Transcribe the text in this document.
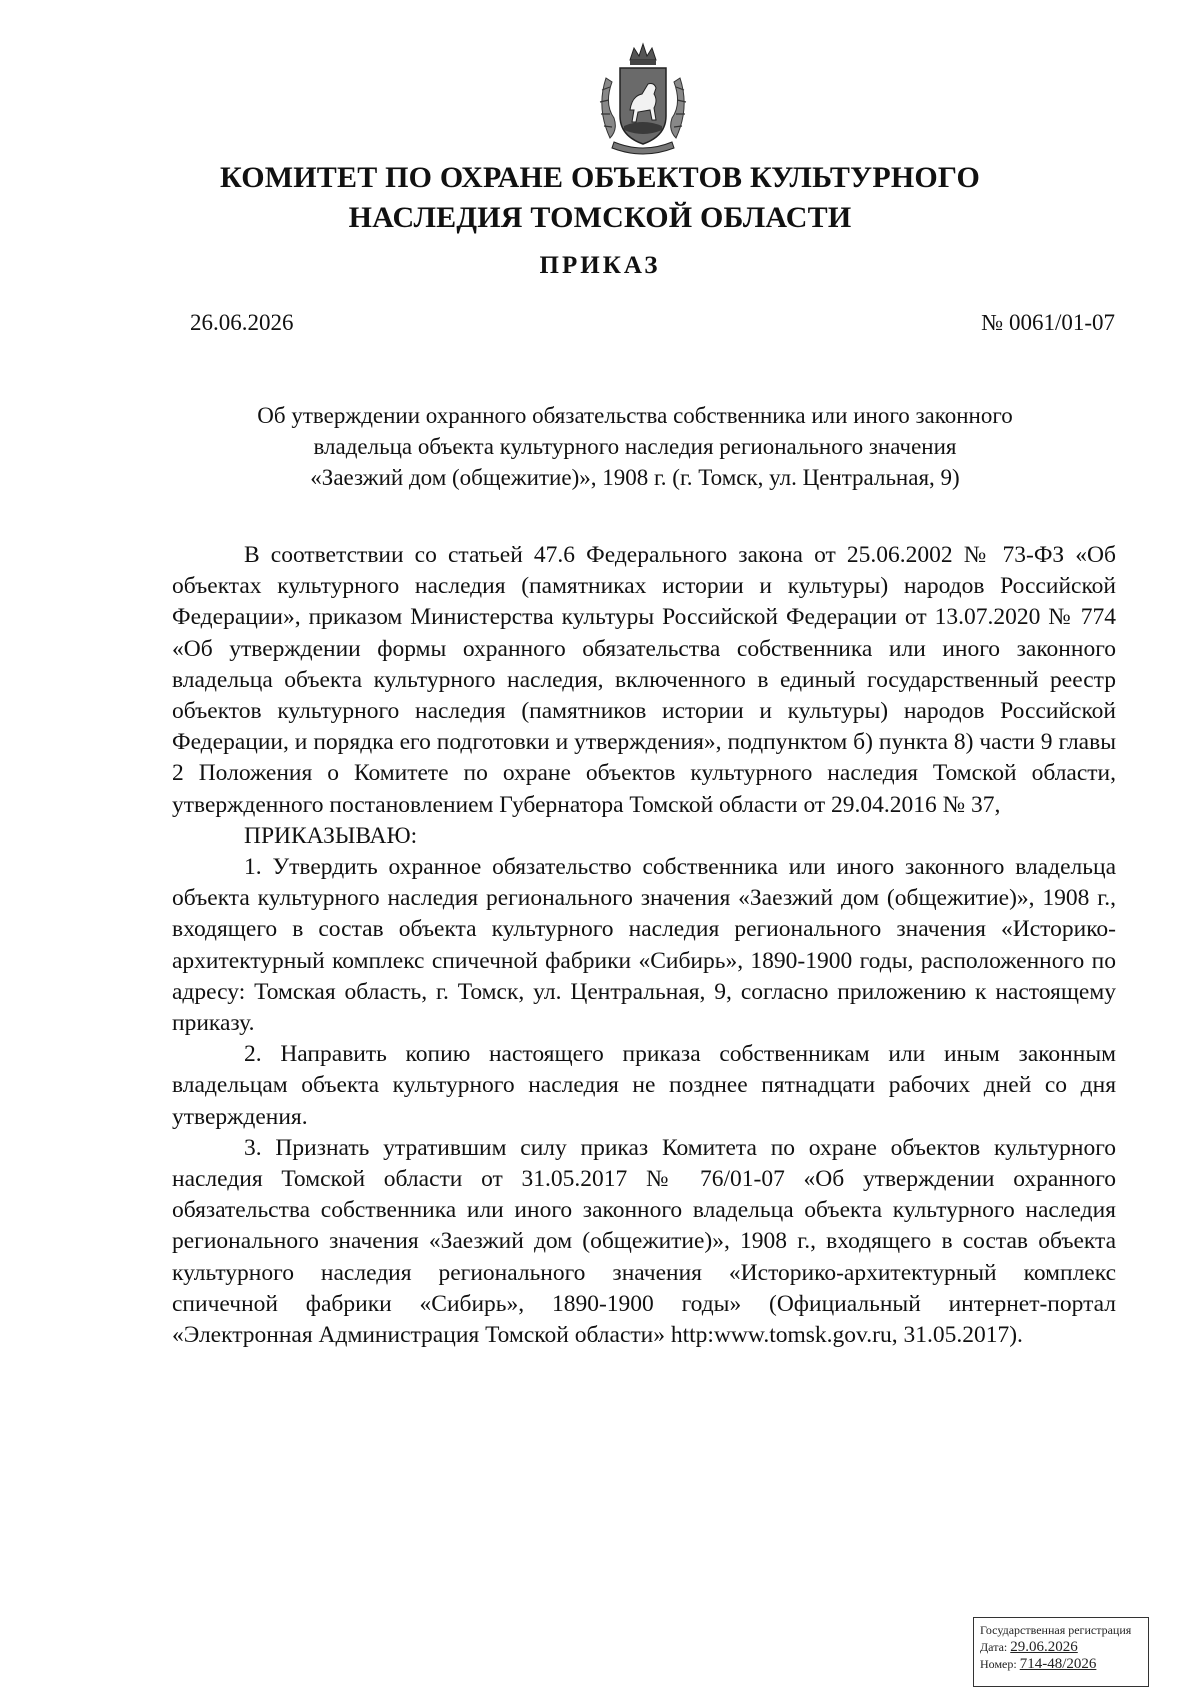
КОМИТЕТ ПО ОХРАНЕ ОБЪЕКТОВ КУЛЬТУРНОГО
НАСЛЕДИЯ ТОМСКОЙ ОБЛАСТИ
ПРИКАЗ
26.06.2026	№ 0061/01-07
Об утверждении охранного обязательства собственника или иного законного
владельца объекта культурного наследия регионального значения
«Заезжий дом (общежитие)», 1908 г. (г. Томск, ул. Центральная, 9)

В соответствии со статьей 47.6 Федерального закона от 25.06.2002 № 73-ФЗ «Об объектах культурного наследия (памятниках истории и культуры) народов Российской Федерации», приказом Министерства культуры Российской Федерации от 13.07.2020 № 774 «Об утверждении формы охранного обязательства собственника или иного законного владельца объекта культурного наследия, включенного в единый государственный реестр объектов культурного наследия (памятников истории и культуры) народов Российской Федерации, и порядка его подготовки и утверждения», подпунктом б) пункта 8) части 9 главы 2 Положения о Комитете по охране объектов культурного наследия Томской области, утвержденного постановлением Губернатора Томской области от 29.04.2016 № 37,

ПРИКАЗЫВАЮ:

1. Утвердить охранное обязательство собственника или иного законного владельца объекта культурного наследия регионального значения «Заезжий дом (общежитие)», 1908 г., входящего в состав объекта культурного наследия регионального значения «Историко-архитектурный комплекс спичечной фабрики «Сибирь», 1890-1900 годы, расположенного по адресу: Томская область, г. Томск, ул. Центральная, 9, согласно приложению к настоящему приказу.

2. Направить копию настоящего приказа собственникам или иным законным владельцам объекта культурного наследия не позднее пятнадцати рабочих дней со дня утверждения.

3. Признать утратившим силу приказ Комитета по охране объектов культурного наследия Томской области от 31.05.2017 № 76/01-07 «Об утверждении охранного обязательства собственника или иного законного владельца объекта культурного наследия регионального значения «Заезжий дом (общежитие)», 1908 г., входящего в состав объекта культурного наследия регионального значения «Историко-архитектурный комплекс спичечной фабрики «Сибирь», 1890-1900 годы» (Официальный интернет-портал «Электронная Администрация Томской области» http:www.tomsk.gov.ru, 31.05.2017).

Государственная регистрация
Дата: 29.06.2026
Номер: 714-48/2026
